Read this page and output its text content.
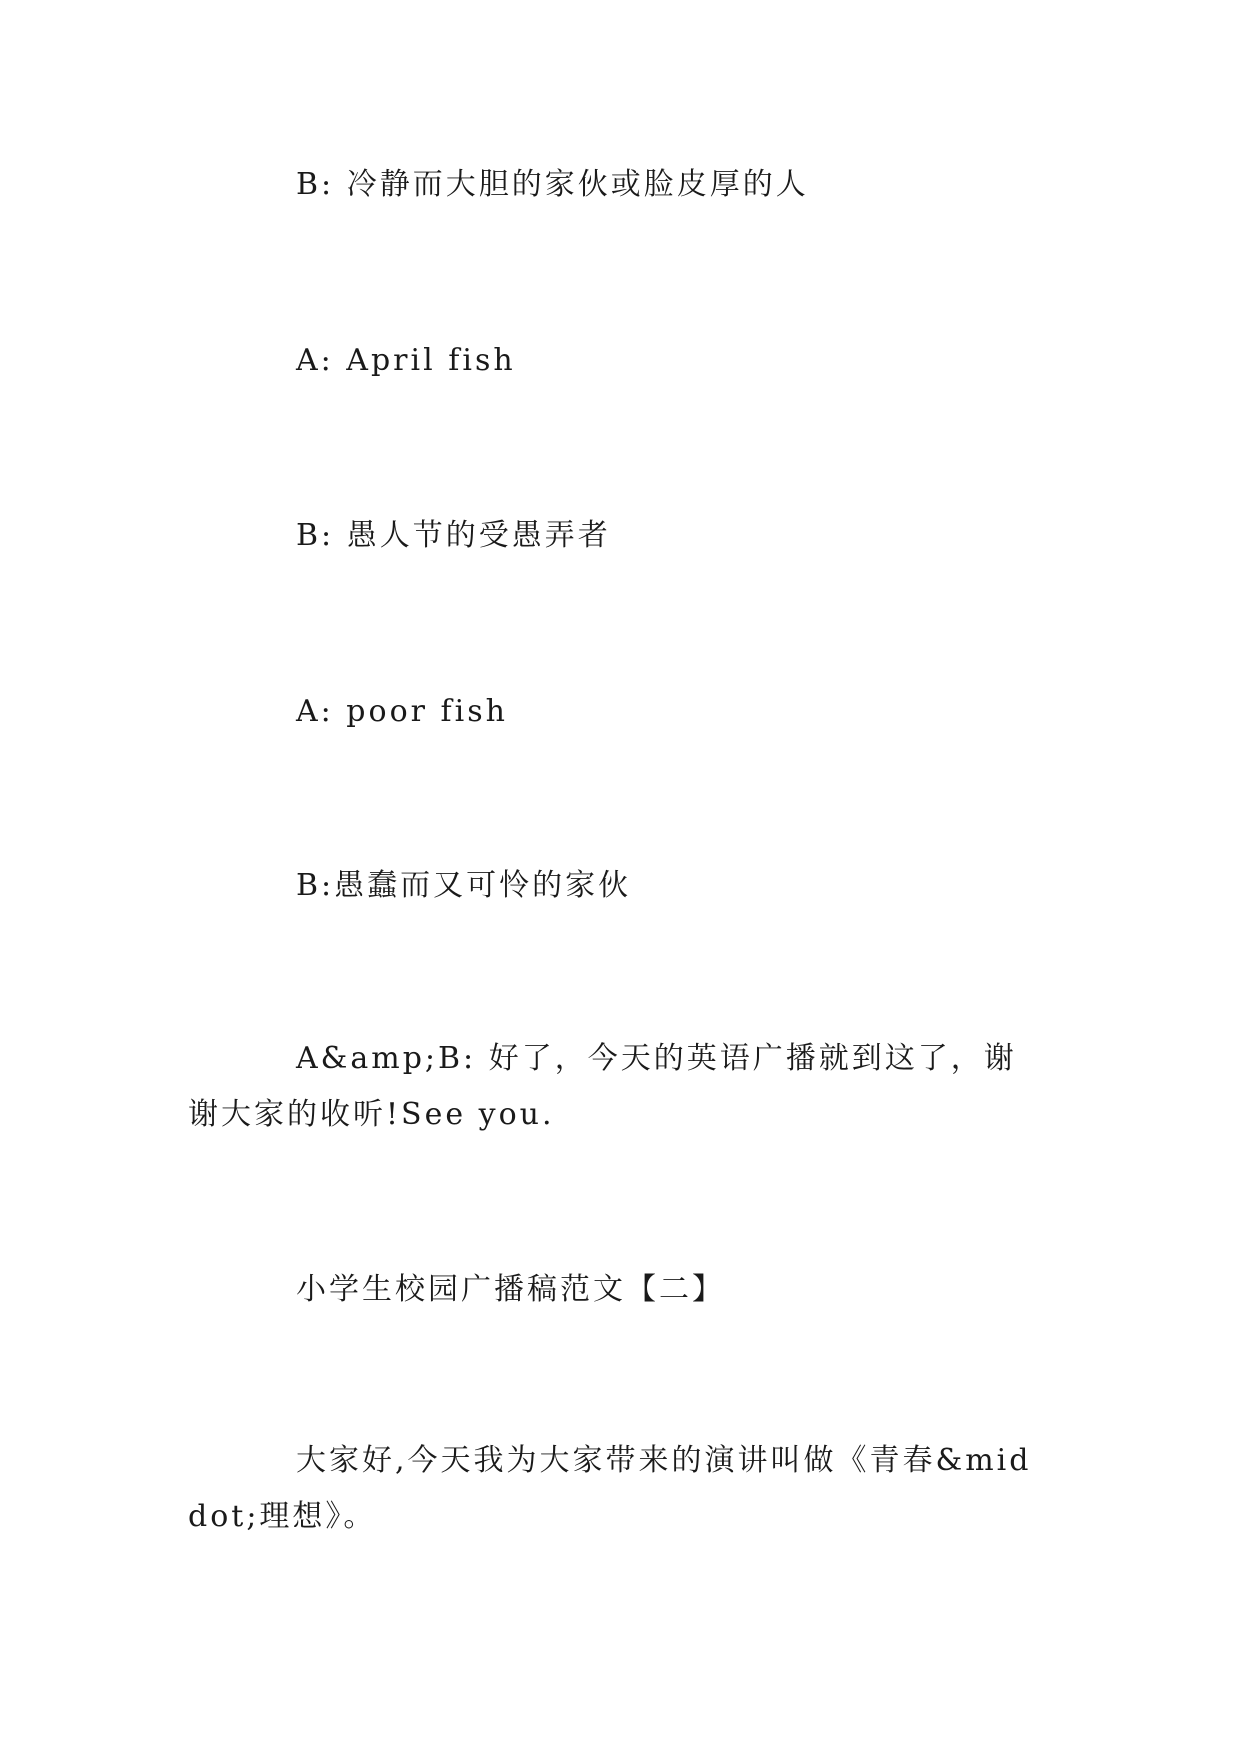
B: 冷静而大胆的家伙或脸皮厚的人

A: April fish

B: 愚人节的受愚弄者

A: poor fish

B:愚蠢而又可怜的家伙

A&amp;B: 好了，今天的英语广播就到这了，谢谢大家的收听!See you.

小学生校园广播稿范文【二】

大家好,今天我为大家带来的演讲叫做《青春&middot;理想》。
